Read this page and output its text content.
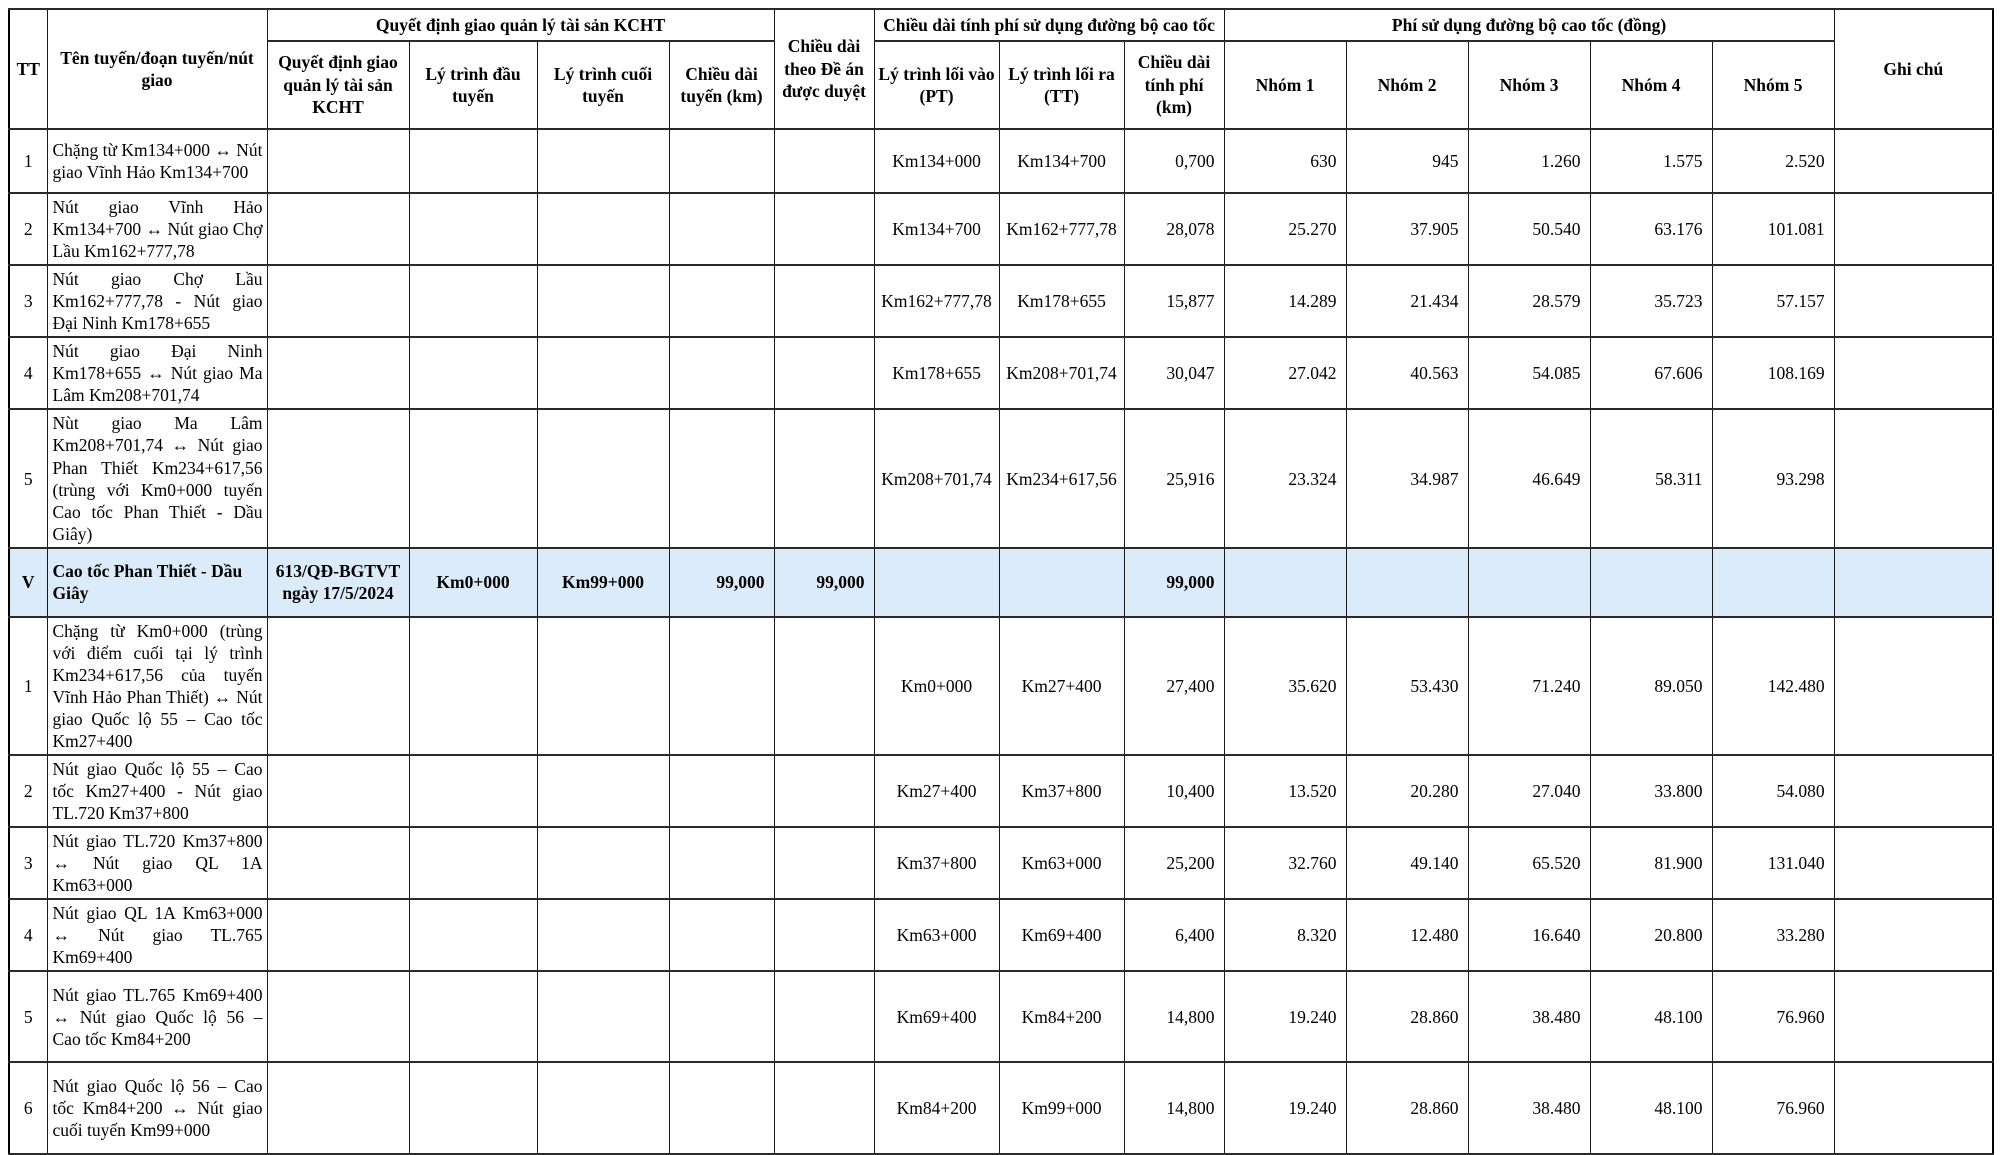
TT	Tên tuyến/đoạn tuyến/nút giao	Quyết định giao quản lý tài sản KCHT				Chiều dài theo Đề án được duyệt	Chiều dài tính phí sử dụng đường bộ cao tốc			Phí sử dụng đường bộ cao tốc (đồng)					Ghi chú
		Quyết định giao quản lý tài sản KCHT	Lý trình đầu tuyến	Lý trình cuối tuyến	Chiều dài tuyến (km)		Lý trình lối vào (PT)	Lý trình lối ra (TT)	Chiều dài tính phí (km)	Nhóm 1	Nhóm 2	Nhóm 3	Nhóm 4	Nhóm 5	
1	Chặng từ Km134+000 ↔ Nút giao Vĩnh Hảo Km134+700						Km134+000	Km134+700	0,700	630	945	1.260	1.575	2.520	
2	Nút giao Vĩnh Hảo Km134+700 ↔ Nút giao Chợ Lầu Km162+777,78						Km134+700	Km162+777,78	28,078	25.270	37.905	50.540	63.176	101.081	
3	Nút giao Chợ Lầu Km162+777,78 - Nút giao Đại Ninh Km178+655						Km162+777,78	Km178+655	15,877	14.289	21.434	28.579	35.723	57.157	
4	Nút giao Đại Ninh Km178+655 ↔ Nút giao Ma Lâm Km208+701,74						Km178+655	Km208+701,74	30,047	27.042	40.563	54.085	67.606	108.169	
5	Nùt giao Ma Lâm Km208+701,74 ↔ Nút giao Phan Thiết Km234+617,56 (trùng với Km0+000 tuyến Cao tốc Phan Thiết - Dầu Giây)						Km208+701,74	Km234+617,56	25,916	23.324	34.987	46.649	58.311	93.298	
V	Cao tốc Phan Thiết - Dầu Giây	613/QĐ-BGTVT ngày 17/5/2024	Km0+000	Km99+000	99,000	99,000			99,000						
1	Chặng từ Km0+000 (trùng với điểm cuối tại lý trình Km234+617,56 của tuyến Vĩnh Hảo Phan Thiết) ↔ Nút giao Quốc lộ 55 – Cao tốc Km27+400						Km0+000	Km27+400	27,400	35.620	53.430	71.240	89.050	142.480	
2	Nút giao Quốc lộ 55 – Cao tốc Km27+400 - Nút giao TL.720 Km37+800						Km27+400	Km37+800	10,400	13.520	20.280	27.040	33.800	54.080	
3	Nút giao TL.720 Km37+800 ↔ Nút giao QL 1A Km63+000						Km37+800	Km63+000	25,200	32.760	49.140	65.520	81.900	131.040	
4	Nút giao QL 1A Km63+000 ↔ Nút giao TL.765 Km69+400						Km63+000	Km69+400	6,400	8.320	12.480	16.640	20.800	33.280	
5	Nút giao TL.765 Km69+400 ↔ Nút giao Quốc lộ 56 – Cao tốc Km84+200						Km69+400	Km84+200	14,800	19.240	28.860	38.480	48.100	76.960	
6	Nút giao Quốc lộ 56 – Cao tốc Km84+200 ↔ Nút giao cuối tuyến Km99+000						Km84+200	Km99+000	14,800	19.240	28.860	38.480	48.100	76.960	
